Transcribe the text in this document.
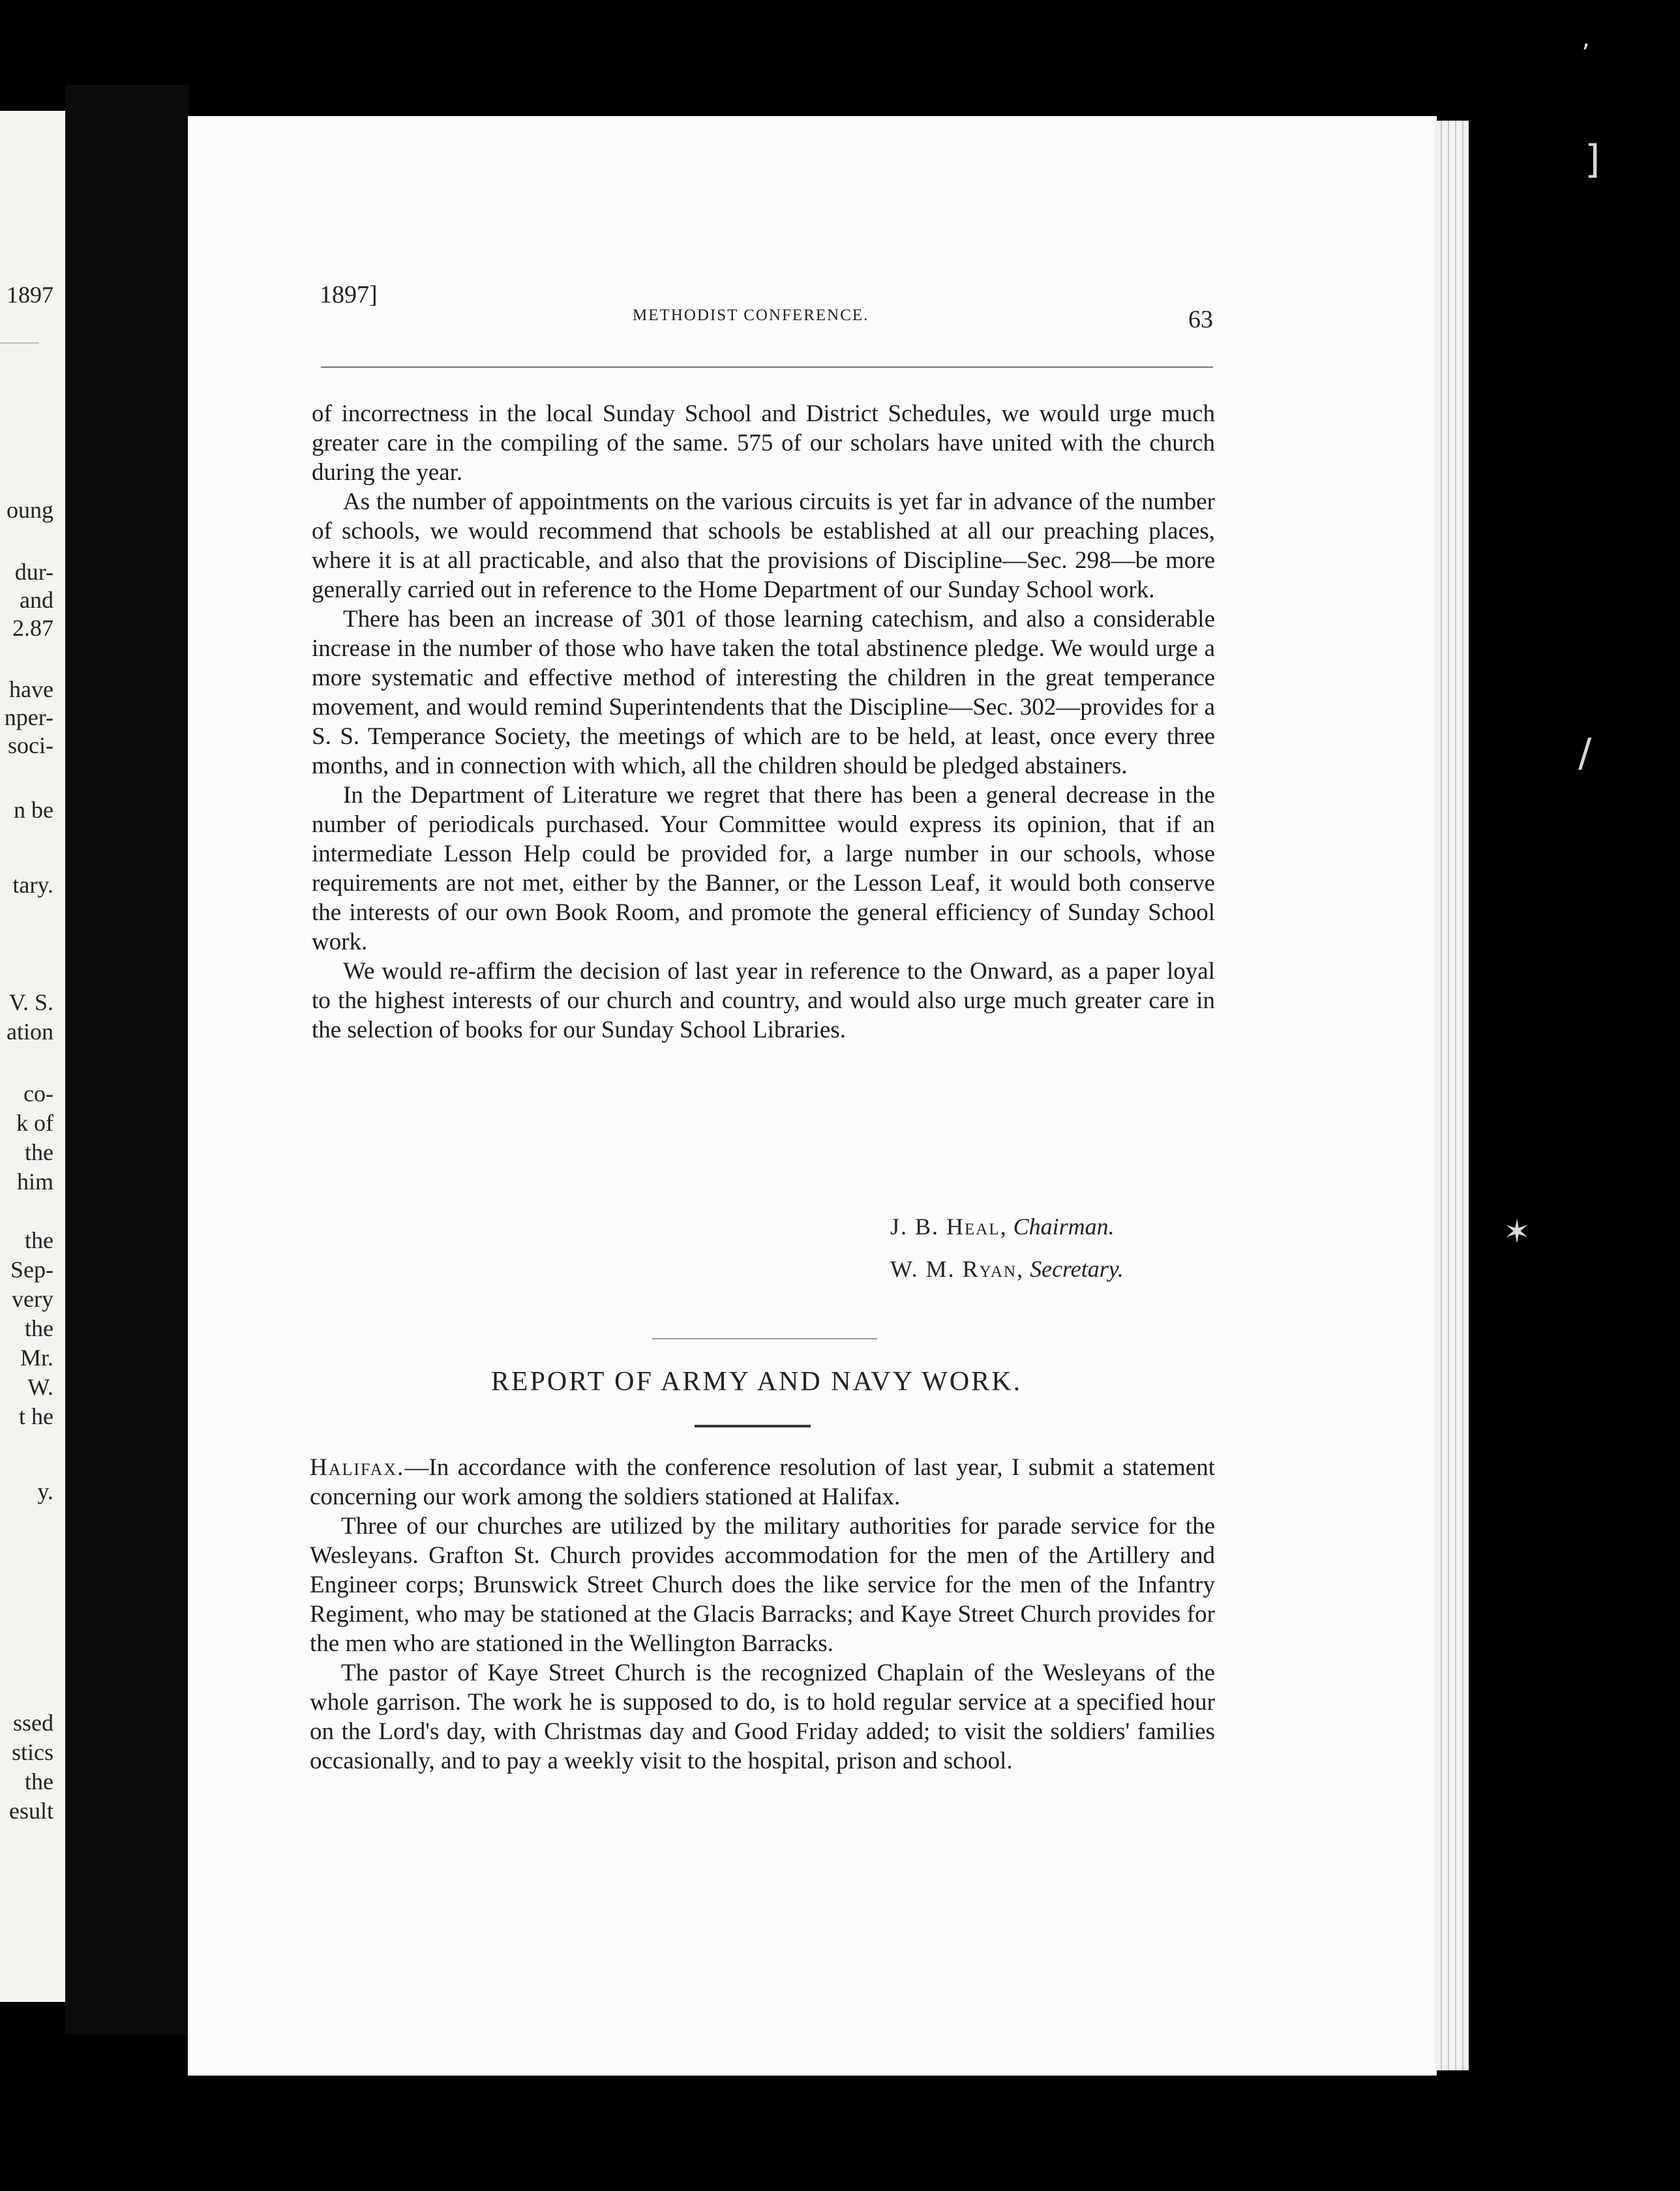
1897
oung
dur-
and
2.87
have
nper-
soci-
n be
tary.
V. S.
ation
co-
k of
the
him
the
Sep-
very
the
Mr.
W.
t he
y.
ssed
stics
the
esult
1897]
METHODIST CONFERENCE.	63

of incorrectness in the local Sunday School and District Schedules, we would urge much greater care in the compiling of the same. 575 of our scholars have united with the church during the year.

As the number of appointments on the various circuits is yet far in advance of the number of schools, we would recommend that schools be established at all our preaching places, where it is at all practicable, and also that the provisions of Discipline—Sec. 298—be more generally carried out in reference to the Home Department of our Sunday School work.

There has been an increase of 301 of those learning catechism, and also a considerable increase in the number of those who have taken the total abstinence pledge. We would urge a more systematic and effective method of interesting the children in the great temperance movement, and would remind Superintendents that the Discipline—Sec. 302—provides for a S. S. Temperance Society, the meetings of which are to be held, at least, once every three months, and in connection with which, all the children should be pledged abstainers.

In the Department of Literature we regret that there has been a general decrease in the number of periodicals purchased. Your Committee would express its opinion, that if an intermediate Lesson Help could be provided for, a large number in our schools, whose requirements are not met, either by the Banner, or the Lesson Leaf, it would both conserve the interests of our own Book Room, and promote the general efficiency of Sunday School work.

We would re-affirm the decision of last year in reference to the Onward, as a paper loyal to the highest interests of our church and country, and would also urge much greater care in the selection of books for our Sunday School Libraries.

J. B. Heal, Chairman.
W. M. Ryan, Secretary.
REPORT OF ARMY AND NAVY WORK.

Halifax.—In accordance with the conference resolution of last year, I submit a statement concerning our work among the soldiers stationed at Halifax.

Three of our churches are utilized by the military authorities for parade service for the Wesleyans. Grafton St. Church provides accommodation for the men of the Artillery and Engineer corps; Brunswick Street Church does the like service for the men of the Infantry Regiment, who may be stationed at the Glacis Barracks; and Kaye Street Church provides for the men who are stationed in the Wellington Barracks.

The pastor of Kaye Street Church is the recognized Chaplain of the Wesleyans of the whole garrison. The work he is supposed to do, is to hold regular service at a specified hour on the Lord's day, with Christmas day and Good Friday added; to visit the soldiers' families occasionally, and to pay a weekly visit to the hospital, prison and school.

]
ʼ
/
✶
